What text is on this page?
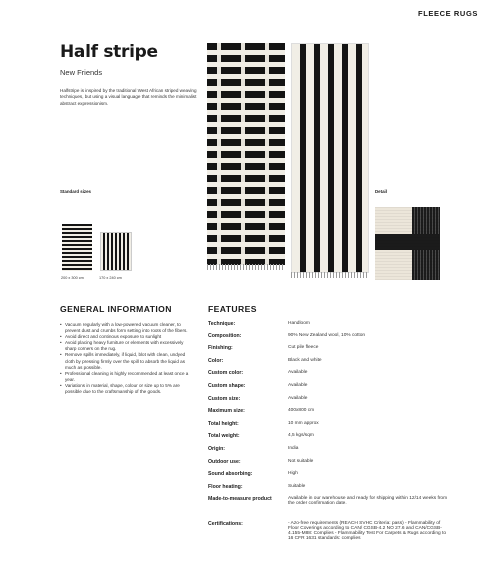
FLEECE RUGS
Half stripe
New Friends
Halfstripe is inspired by the traditional West African striped weaving techniques, but using a visual language that reminds the minimalist abstract expressionism.
Detail
Standard sizes
200 x 300 cm	170 x 240 cm
GENERAL INFORMATION
• Vacuum regularly with a low-powered vacuum cleaner, to prevent dust and crumbs form setting into roots of the fibers.
• Avoid direct and continous exposure to sunlight
• Avoid placing heavy furniture or elements with excessively sharp corners on the rug.
• Remove spills immediately, if liquid, blot with clean, undyed cloth by pressing firmly over the spill to absorb the liquid as much as possible.
• Professional cleaning is highly recommended at least once a year.
• Variations in material, shape, colour or size up to 5% are possible due to the craftsmanship of the goods.
FEATURES
Technique:	Handloom
Composition:	90% New Zealand wool, 10% cotton
Finishing:	Cut pile fleece
Color:	Black and white
Custom color:	Available
Custom shape:	Available
Custom size:	Available
Maximum size:	400x800 cm
Total height:	10 mm approx
Total weight:	4,5 kgs/sqm
Origin:	India
Outdoor use:	Not suitable
Sound absorbing:	High
Floor heating:	Suitable
Made-to-measure product	Available in our warehouse and ready for shipping within 12/14 weeks from the order confirmation date.
Certifications:	- Azo-free requirements (REACH SVHC Criteria: pass) - Flammability of Floor Coverings according to CAN/ CGSB-4.2 NO 27.6 and CAN/CGSB-4.155-M88: Complies - Flammability Test For Carpets & Rugs according to 16 CFR 1631 standards: complies
